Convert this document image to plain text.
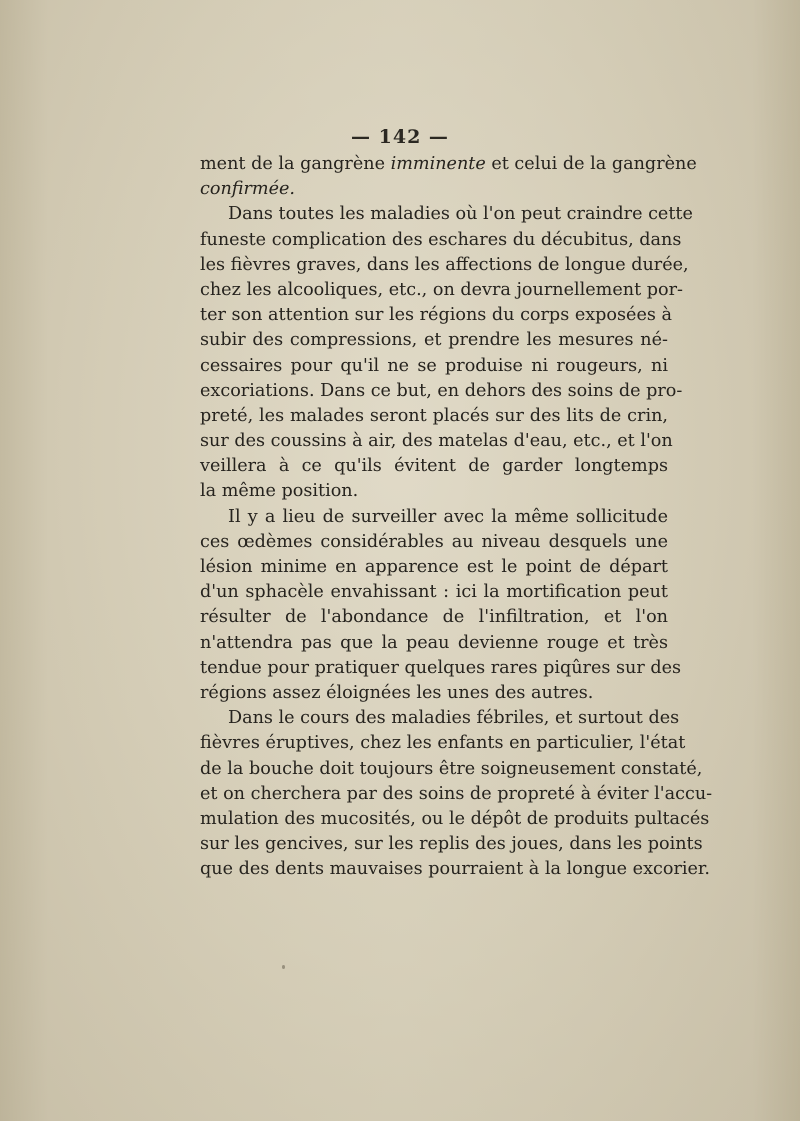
— 142 —
ment de la gangrène imminente et celui de la gangrène
confirmée.
Dans toutes les maladies où l'on peut craindre cette
funeste complication des eschares du décubitus, dans
les fièvres graves, dans les affections de longue durée,
chez les alcooliques, etc., on devra journellement por-
ter son attention sur les régions du corps exposées à
subir des compressions, et prendre les mesures né-
cessaires pour qu'il ne se produise ni rougeurs, ni
excoriations. Dans ce but, en dehors des soins de pro-
preté, les malades seront placés sur des lits de crin,
sur des coussins à air, des matelas d'eau, etc., et l'on
veillera à ce qu'ils évitent de garder longtemps
la même position.
Il y a lieu de surveiller avec la même sollicitude
ces œdèmes considérables au niveau desquels une
lésion minime en apparence est le point de départ
d'un sphacèle envahissant : ici la mortification peut
résulter de l'abondance de l'infiltration, et l'on
n'attendra pas que la peau devienne rouge et très
tendue pour pratiquer quelques rares piqûres sur des
régions assez éloignées les unes des autres.
Dans le cours des maladies fébriles, et surtout des
fièvres éruptives, chez les enfants en particulier, l'état
de la bouche doit toujours être soigneusement constaté,
et on cherchera par des soins de propreté à éviter l'accu-
mulation des mucosités, ou le dépôt de produits pultacés
sur les gencives, sur les replis des joues, dans les points
que des dents mauvaises pourraient à la longue excorier.
